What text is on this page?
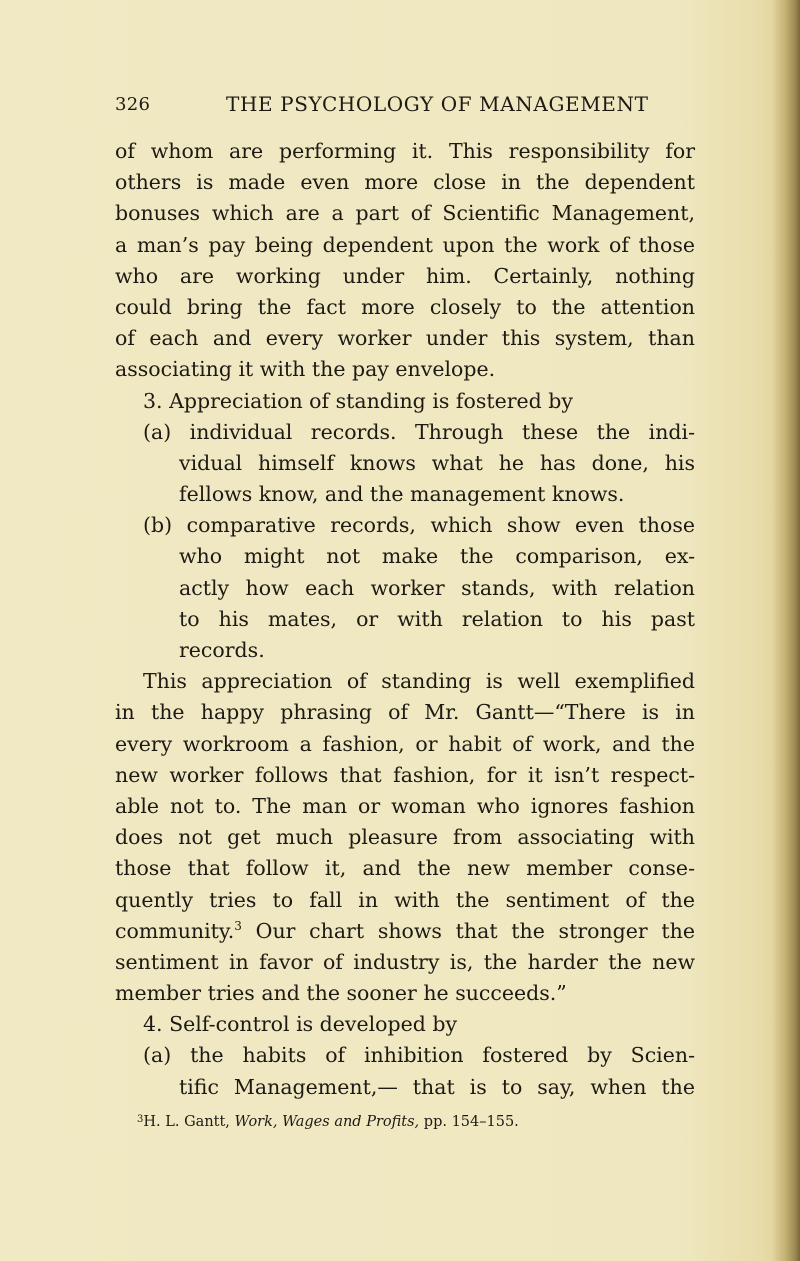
326	THE PSYCHOLOGY OF MANAGEMENT
of whom are performing it. This responsibility for
others is made even more close in the dependent
bonuses which are a part of Scientific Management,
a man’s pay being dependent upon the work of those
who are working under him. Certainly, nothing
could bring the fact more closely to the attention
of each and every worker under this system, than
associating it with the pay envelope.
3. Appreciation of standing is fostered by
(a) individual records. Through these the indi-
vidual himself knows what he has done, his
fellows know, and the management knows.
(b) comparative records, which show even those
who might not make the comparison, ex-
actly how each worker stands, with relation
to his mates, or with relation to his past
records.
This appreciation of standing is well exemplified
in the happy phrasing of Mr. Gantt—“There is in
every workroom a fashion, or habit of work, and the
new worker follows that fashion, for it isn’t respect-
able not to. The man or woman who ignores fashion
does not get much pleasure from associating with
those that follow it, and the new member conse-
quently tries to fall in with the sentiment of the
community.$^3$ Our chart shows that the stronger the
sentiment in favor of industry is, the harder the new
member tries and the sooner he succeeds.”
4. Self-control is developed by
(a) the habits of inhibition fostered by Scien-
tific Management,— that is to say, when the
$^3$H. L. Gantt, Work, Wages and Profits, pp. 154–155.
